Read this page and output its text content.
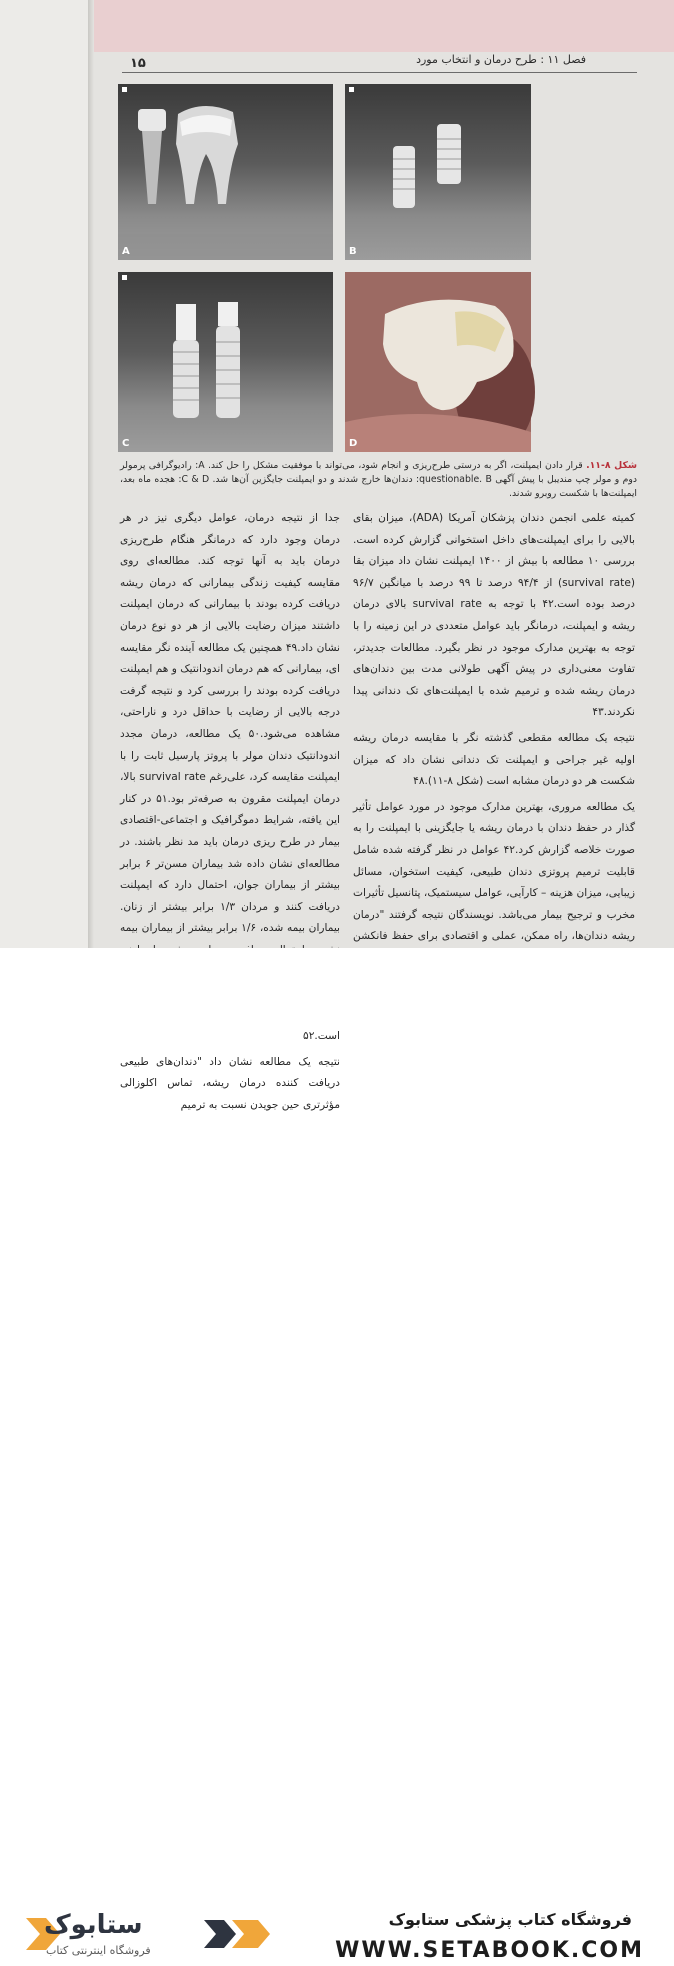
۱۵	فصل ۱۱ : طرح درمان و انتخاب مورد
A	B
C	D
شکل ۸-۱۱. قرار دادن ایمپلنت، اگر به درستی طرح‌ریزی و انجام شود، می‌تواند با موفقیت مشکل را حل کند. A: رادیوگرافی پرمولر دوم و مولر چپ مندیبل با پیش آگهی questionable. B: دندان‌ها خارج شدند و دو ایمپلنت جایگزین آن‌ها شد. C & D: هجده ماه بعد، ایمپلنت‌ها با شکست روبرو شدند.

کمیته علمی انجمن دندان پزشکان آمریکا (ADA)، میزان بقای بالایی را برای ایمپلنت‌های داخل استخوانی گزارش کرده است. بررسی ۱۰ مطالعه با بیش از ۱۴۰۰ ایمپلنت نشان داد میزان بقا (survival rate) از ۹۴/۴ درصد تا ۹۹ درصد با میانگین ۹۶/۷ درصد بوده است.۴۲ با توجه به survival rate بالای درمان ریشه و ایمپلنت، درمانگر باید عوامل متعددی در این زمینه را با توجه به بهترین مدارک موجود در نظر بگیرد. مطالعات جدیدتر، تفاوت معنی‌داری در پیش آگهی طولانی مدت بین دندان‌های درمان ریشه شده و ترمیم شده با ایمپلنت‌های تک دندانی پیدا نکردند.۴۳

نتیجه یک مطالعه مقطعی گذشته نگر با مقایسه درمان ریشه اولیه غیر جراحی و ایمپلنت تک دندانی نشان داد که میزان شکست هر دو درمان مشابه است (شکل ۸-۱۱).۴۸

یک مطالعه مروری، بهترین مدارک موجود در مورد عوامل تأثیر گذار در حفظ دندان با درمان ریشه یا جایگزینی با ایمپلنت را به صورت خلاصه گزارش کرد.۴۲ عوامل در نظر گرفته شده شامل قابلیت ترمیم پروتزی دندان طبیعی، کیفیت استخوان، مسائل زیبایی، میزان هزینه – کارآیی، عوامل سیستمیک، پتانسیل تأثیرات مخرب و ترجیح بیمار می‌باشد. نویسندگان نتیجه گرفتند "درمان ریشه دندان‌ها، راه ممکن، عملی و اقتصادی برای حفظ فانکشن

جدا از نتیجه درمان، عوامل دیگری نیز در هر درمان وجود دارد که درمانگر هنگام طرح‌ریزی درمان باید به آنها توجه کند. مطالعه‌ای روی مقایسه کیفیت زندگی بیمارانی که درمان ریشه دریافت کرده بودند با بیمارانی که درمان ایمپلنت داشتند میزان رضایت بالایی از هر دو نوع درمان نشان داد.۴۹ همچنین یک مطالعه آینده نگر مقایسه ای، بیمارانی که هم درمان اندودانتیک و هم ایمپلنت دریافت کرده بودند را بررسی کرد و نتیجه گرفت درجه بالایی از رضایت با حداقل درد و ناراحتی، مشاهده می‌شود.۵۰ یک مطالعه، درمان مجدد اندودانتیک دندان مولر با پروتز پارسیل ثابت را با ایمپلنت مقایسه کرد، علی‌رغم survival rate بالا، درمان ایمپلنت مقرون به صرفه‌تر بود.۵۱ در کنار این یافته، شرایط دموگرافیک و اجتماعی-اقتصادی بیمار در طرح ریزی درمان باید مد نظر باشند. در مطالعه‌ای نشان داده شد بیماران مسن‌تر ۶ برابر بیشتر از بیماران جوان، احتمال دارد که ایمپلنت دریافت کنند و مردان ۱/۳ برابر بیشتر از زنان. بیماران بیمه شده، ۱/۶ برابر بیشتر از بیماران بیمه است.۵۲

نتیجه یک مطالعه نشان داد "دندان‌های طبیعی دریافت کننده درمان ریشه، تماس اکلوزالی مؤثرتری حین جویدن نسبت به ترمیم

ستابوک
فروشگاه اینترنتی کتاب
فروشگاه کتاب پزشکی ستابوک
WWW.SETABOOK.COM
